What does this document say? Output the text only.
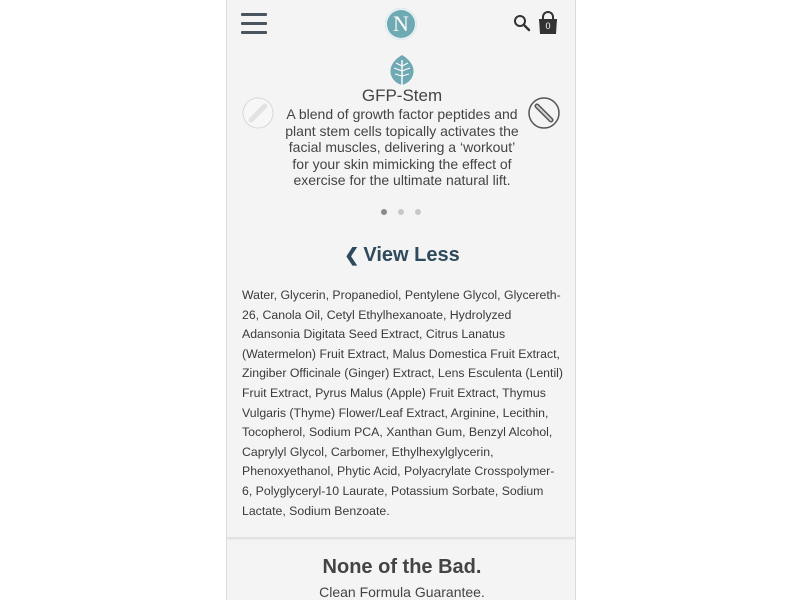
N	0
GFP-Stem
A blend of growth factor peptides and plant stem cells topically activates the facial muscles, delivering a ‘workout’ for your skin mimicking the effect of exercise for the ultimate natural lift.
❮ View Less
Water, Glycerin, Propanediol, Pentylene Glycol, Glycereth-26, Canola Oil, Cetyl Ethylhexanoate, Hydrolyzed Adansonia Digitata Seed Extract, Citrus Lanatus (Watermelon) Fruit Extract, Malus Domestica Fruit Extract, Zingiber Officinale (Ginger) Extract, Lens Esculenta (Lentil) Fruit Extract, Pyrus Malus (Apple) Fruit Extract, Thymus Vulgaris (Thyme) Flower/Leaf Extract, Arginine, Lecithin, Tocopherol, Sodium PCA, Xanthan Gum, Benzyl Alcohol, Caprylyl Glycol, Carbomer, Ethylhexylglycerin, Phenoxyethanol, Phytic Acid, Polyacrylate Crosspolymer-6, Polyglyceryl-10 Laurate, Potassium Sorbate, Sodium Lactate, Sodium Benzoate.
None of the Bad.
Clean Formula Guarantee.
